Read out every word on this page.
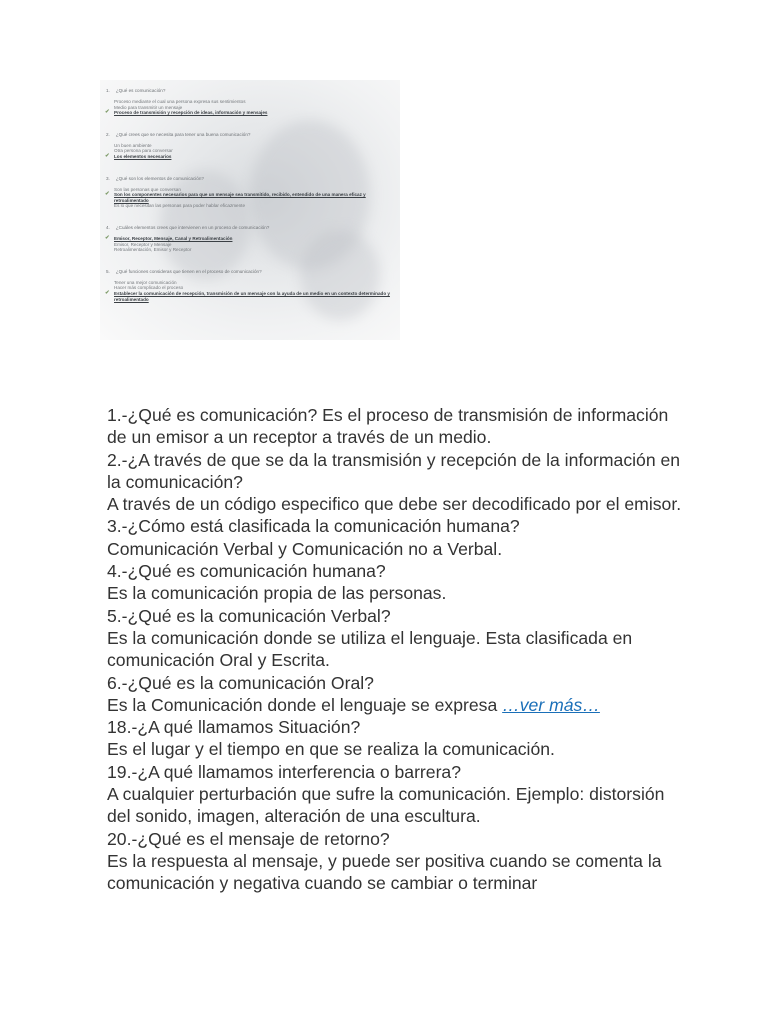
1. ¿Qué es comunicación?
Proceso mediante el cual una persona expresa sus sentimientos
Medio para transmitir un mensaje
✔ Proceso de transmisión y recepción de ideas, información y mensajes
2. ¿Qué crees que se necesita para tener una buena comunicación?
Un buen ambiente
Otra persona para conversar
✔ Los elementos necesarios
3. ¿Qué son los elementos de comunicación?
Son las personas que conversan
✔ Son los componentes necesarios para que un mensaje sea transmitido, recibido, entendido de una manera eficaz y retroalimentado
Es lo que necesitan las personas para poder hablar eficazmente
4. ¿Cuáles elementos crees que intervienen en un proceso de comunicación?
✔ Emisor, Receptor, Mensaje, Canal y Retroalimentación
Emisor, Receptor y Mensaje
Retroalimentación, Emisor y Receptor
5. ¿Qué funciones consideras que tienen en el proceso de comunicación?
Tener una mejor comunicación
Hacer más complicado el proceso
✔ Establecer la comunicación de recepción, transmisión de un mensaje con la ayuda de un medio en un contexto determinado y retroalimentado

1.-¿Qué es comunicación? Es el proceso de transmisión de información de un emisor a un receptor a través de un medio.

2.-¿A través de que se da la transmisión y recepción de la información en la comunicación?

A través de un código especifico que debe ser decodificado por el emisor.

3.-¿Cómo está clasificada la comunicación humana?

Comunicación Verbal y Comunicación no a Verbal.

4.-¿Qué es comunicación humana?

Es la comunicación propia de las personas.

5.-¿Qué es la comunicación Verbal?

Es la comunicación donde se utiliza el lenguaje. Esta clasificada en comunicación Oral y Escrita.

6.-¿Qué es la comunicación Oral?

Es la Comunicación donde el lenguaje se expresa …ver más…

18.-¿A qué llamamos Situación?

Es el lugar y el tiempo en que se realiza la comunicación.

19.-¿A qué llamamos interferencia o barrera?

A cualquier perturbación que sufre la comunicación. Ejemplo: distorsión del sonido, imagen, alteración de una escultura.

20.-¿Qué es el mensaje de retorno?

Es la respuesta al mensaje, y puede ser positiva cuando se comenta la comunicación y negativa cuando se cambiar o terminar
